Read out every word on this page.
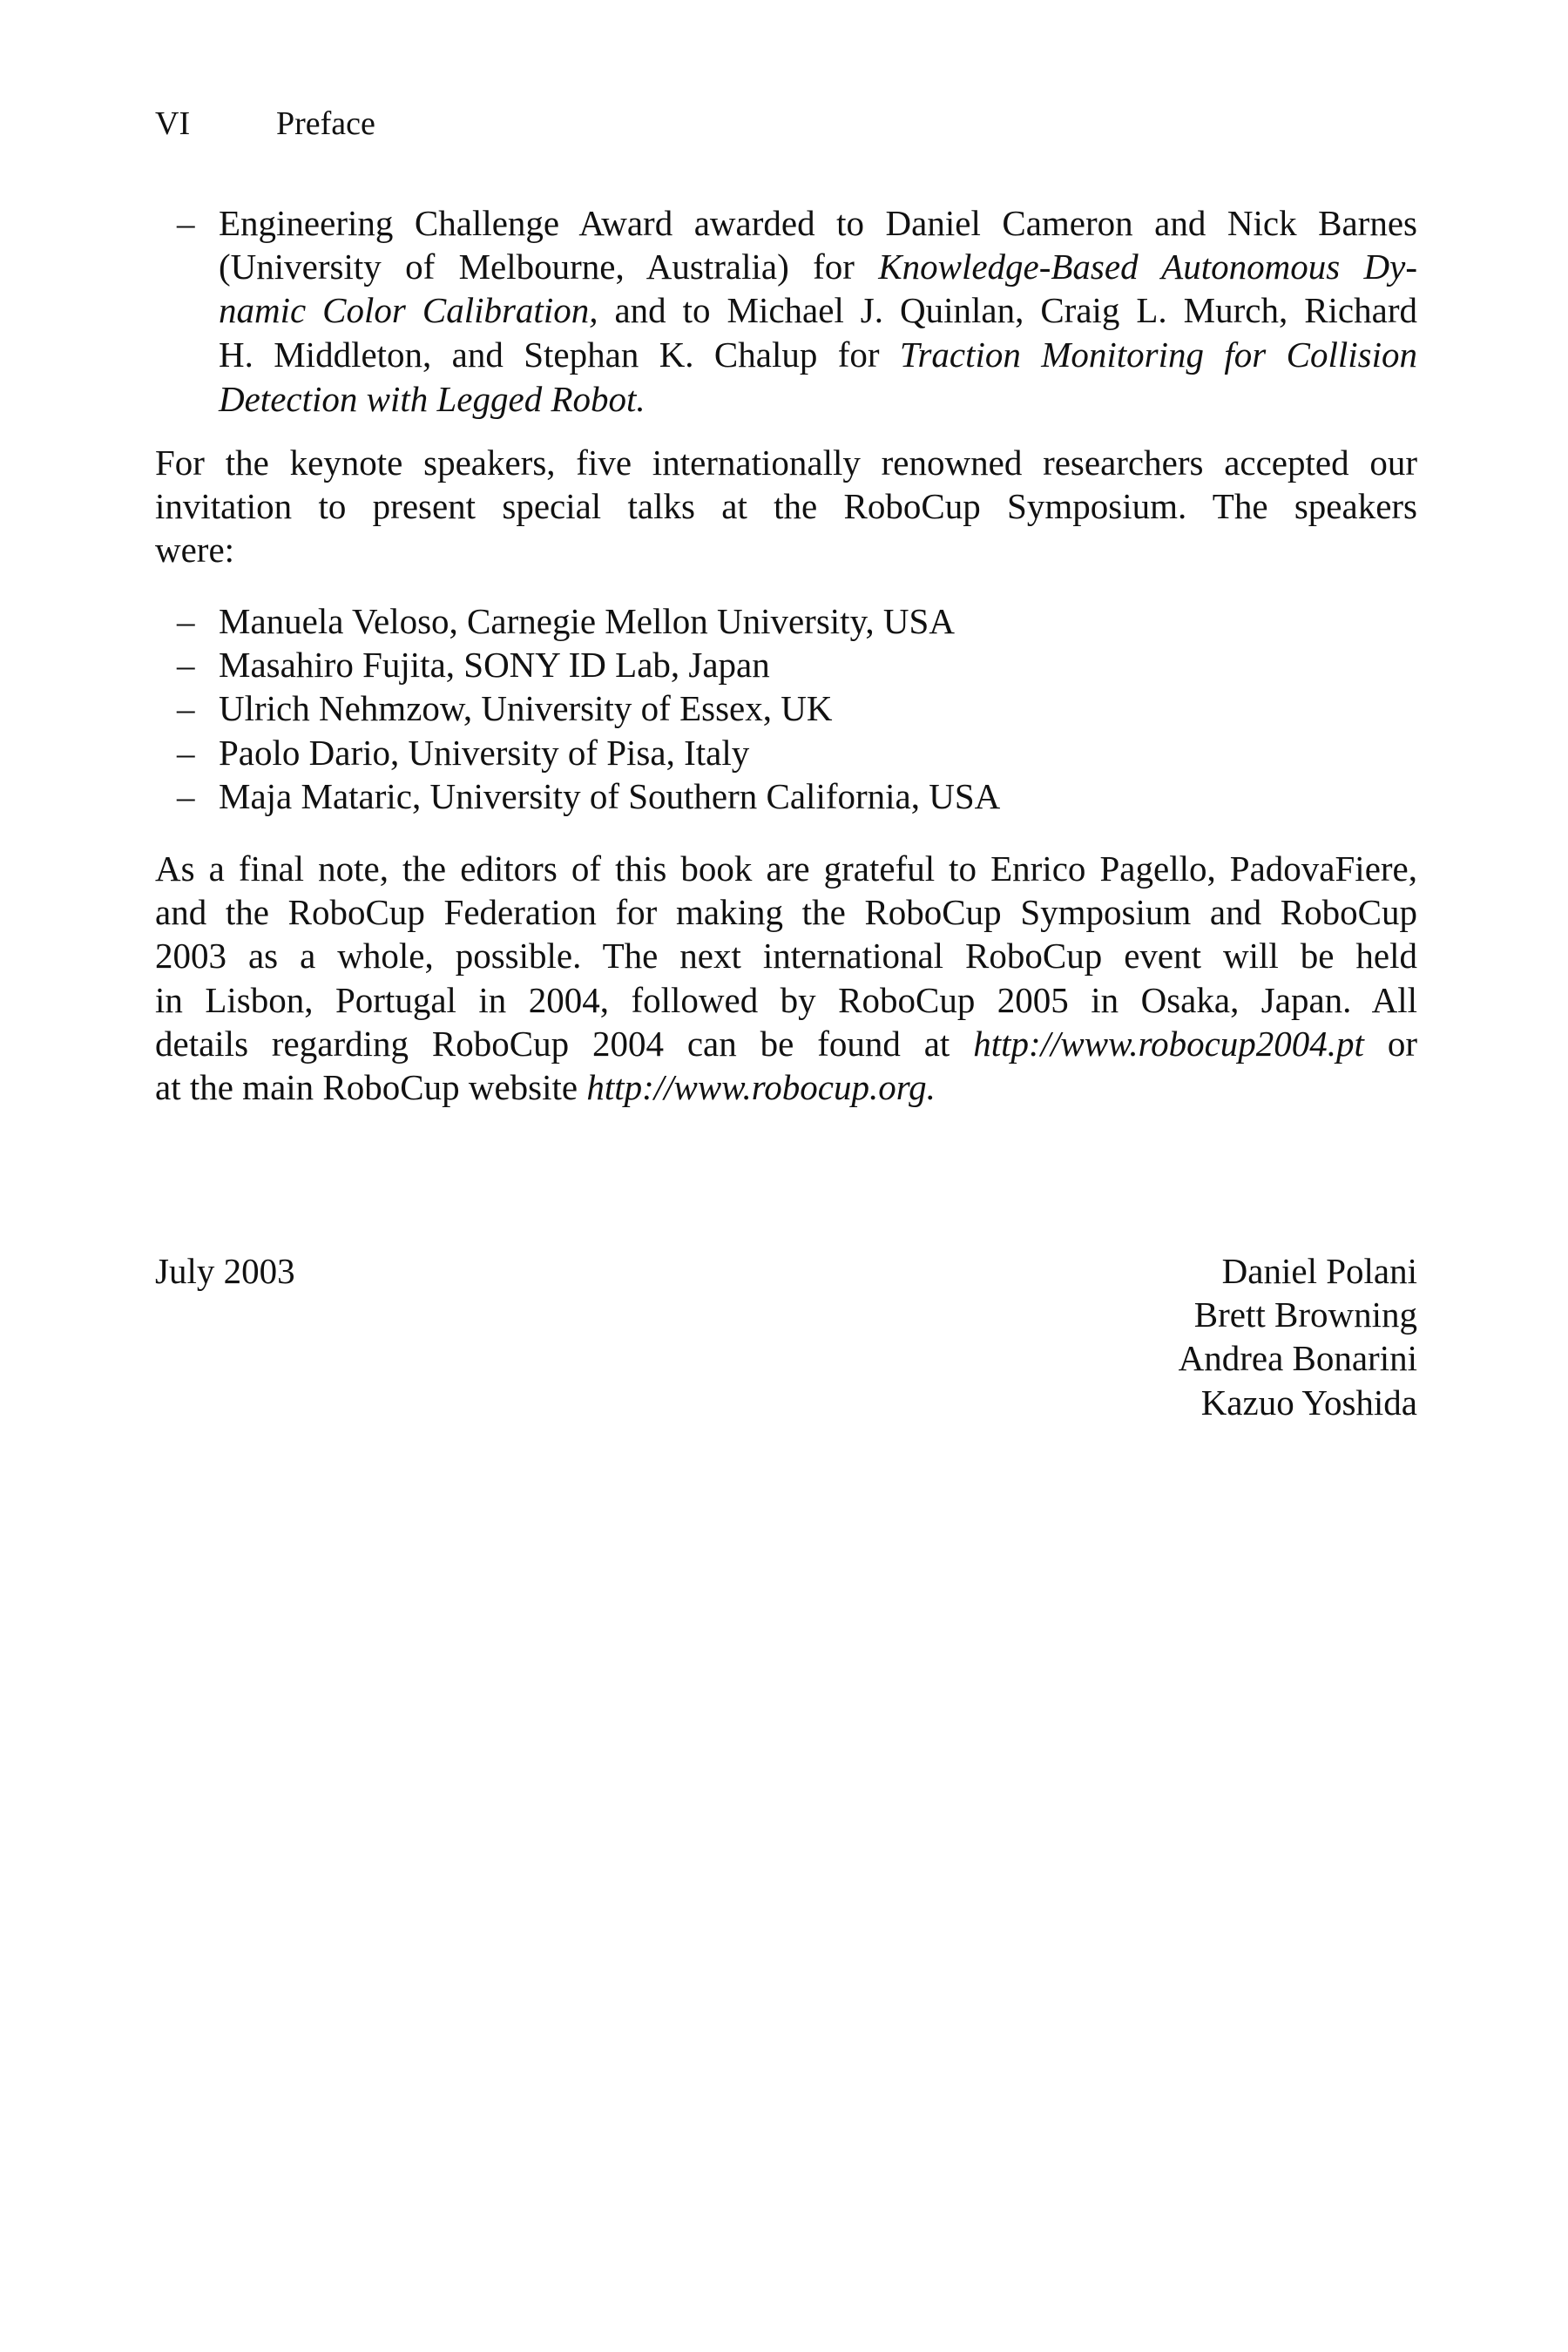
VI	Preface
– Engineering Challenge Award awarded to Daniel Cameron and Nick Barnes
(University of Melbourne, Australia) for Knowledge-Based Autonomous Dy-
namic Color Calibration, and to Michael J. Quinlan, Craig L. Murch, Richard
H. Middleton, and Stephan K. Chalup for Traction Monitoring for Collision
Detection with Legged Robot.
For the keynote speakers, five internationally renowned researchers accepted our
invitation to present special talks at the RoboCup Symposium. The speakers
were:
– Manuela Veloso, Carnegie Mellon University, USA
– Masahiro Fujita, SONY ID Lab, Japan
– Ulrich Nehmzow, University of Essex, UK
– Paolo Dario, University of Pisa, Italy
– Maja Mataric, University of Southern California, USA
As a final note, the editors of this book are grateful to Enrico Pagello, PadovaFiere,
and the RoboCup Federation for making the RoboCup Symposium and RoboCup
2003 as a whole, possible. The next international RoboCup event will be held
in Lisbon, Portugal in 2004, followed by RoboCup 2005 in Osaka, Japan. All
details regarding RoboCup 2004 can be found at http://www.robocup2004.pt or
at the main RoboCup website http://www.robocup.org.
July 2003	Daniel Polani
Brett Browning
Andrea Bonarini
Kazuo Yoshida
